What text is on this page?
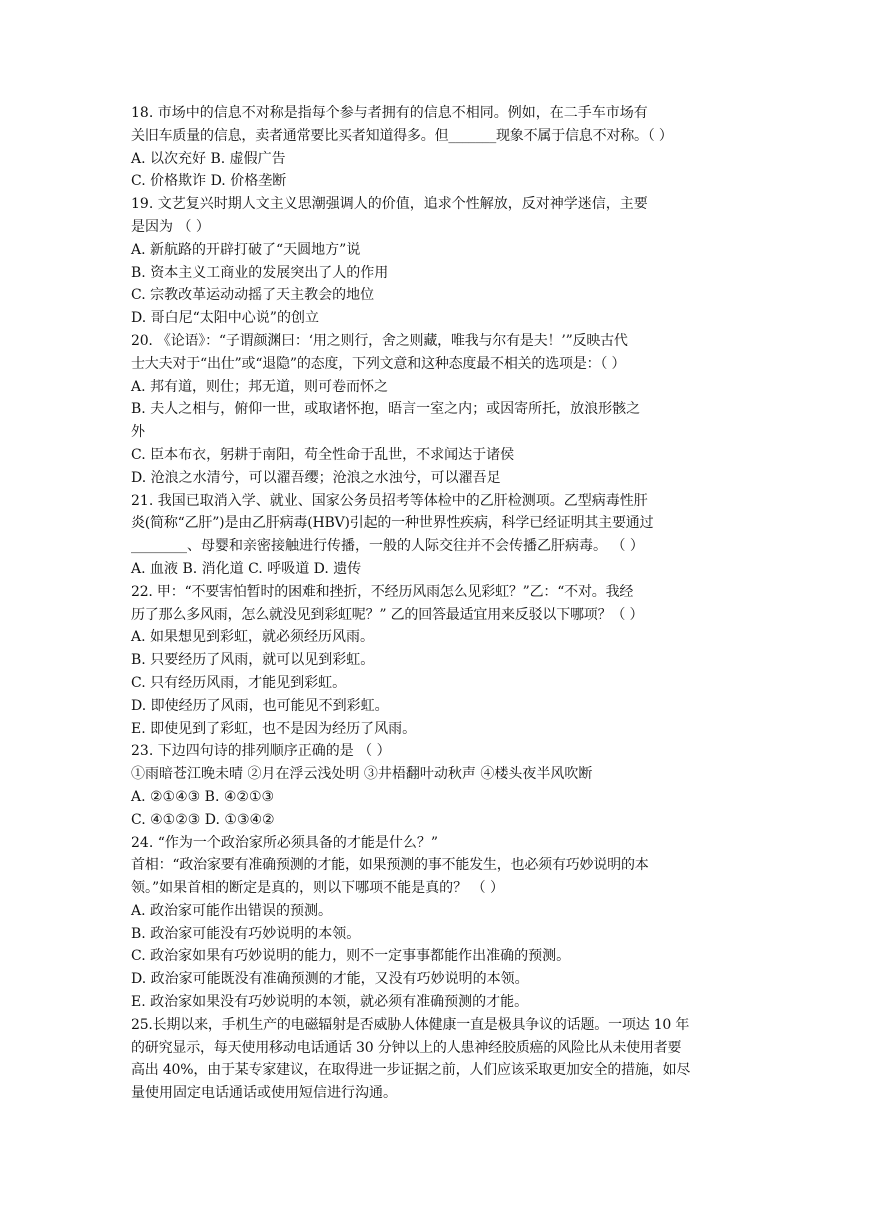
18. 市场中的信息不对称是指每个参与者拥有的信息不相同。例如，在二手车市场有
关旧车质量的信息，卖者通常要比买者知道得多。但_______现象不属于信息不对称。（ ）
A. 以次充好 B. 虚假广告
C. 价格欺诈 D. 价格垄断
19. 文艺复兴时期人文主义思潮强调人的价值，追求个性解放，反对神学迷信，主要
是因为 （ ）
A. 新航路的开辟打破了“天圆地方”说
B. 资本主义工商业的发展突出了人的作用
C. 宗教改革运动动摇了天主教会的地位
D. 哥白尼“太阳中心说”的创立
20. 《论语》：“子谓颜渊曰：‘用之则行，舍之则藏，唯我与尔有是夫！’”反映古代
士大夫对于“出仕”或“退隐”的态度，下列文意和这种态度最不相关的选项是：（ ）
A. 邦有道，则仕；邦无道，则可卷而怀之
B. 夫人之相与，俯仰一世，或取诸怀抱，晤言一室之内；或因寄所托，放浪形骸之
外
C. 臣本布衣，躬耕于南阳，苟全性命于乱世，不求闻达于诸侯
D. 沧浪之水清兮，可以濯吾缨；沧浪之水浊兮，可以濯吾足
21. 我国已取消入学、就业、国家公务员招考等体检中的乙肝检测项。乙型病毒性肝
炎(简称“乙肝”)是由乙肝病毒(HBV)引起的一种世界性疾病，科学已经证明其主要通过
________、母婴和亲密接触进行传播，一般的人际交往并不会传播乙肝病毒。 （ ）
A. 血液 B. 消化道 C. 呼吸道 D. 遗传
22. 甲：“不要害怕暂时的困难和挫折，不经历风雨怎么见彩虹？”乙：“不对。我经
历了那么多风雨，怎么就没见到彩虹呢？” 乙的回答最适宜用来反驳以下哪项？（ ）
A. 如果想见到彩虹，就必须经历风雨。
B. 只要经历了风雨，就可以见到彩虹。
C. 只有经历风雨，才能见到彩虹。
D. 即使经历了风雨，也可能见不到彩虹。
E. 即使见到了彩虹，也不是因为经历了风雨。
23. 下边四句诗的排列顺序正确的是 （ ）
①雨暗苍江晚未晴 ②月在浮云浅处明 ③井梧翻叶动秋声 ④楼头夜半风吹断
A. ②①④③ B. ④②①③
C. ④①②③ D. ①③④②
24. “作为一个政治家所必须具备的才能是什么？”
首相：“政治家要有准确预测的才能，如果预测的事不能发生，也必须有巧妙说明的本
领。”如果首相的断定是真的，则以下哪项不能是真的？ （ ）
A. 政治家可能作出错误的预测。
B. 政治家可能没有巧妙说明的本领。
C. 政治家如果有巧妙说明的能力，则不一定事事都能作出准确的预测。
D. 政治家可能既没有准确预测的才能，又没有巧妙说明的本领。
E. 政治家如果没有巧妙说明的本领，就必须有准确预测的才能。
25.长期以来，手机生产的电磁辐射是否威胁人体健康一直是极具争议的话题。一项达 10 年
的研究显示，每天使用移动电话通话 30 分钟以上的人患神经胶质癌的风险比从未使用者要
高出 40%，由于某专家建议，在取得进一步证据之前，人们应该采取更加安全的措施，如尽
量使用固定电话通话或使用短信进行沟通。
